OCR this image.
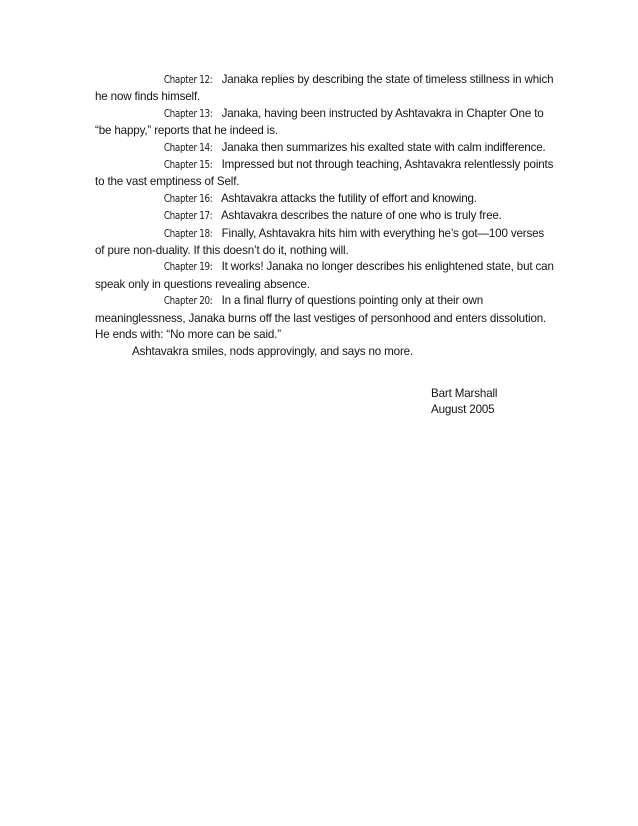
Chapter 12: Janaka replies by describing the state of timeless stillness in which he now finds himself.

Chapter 13: Janaka, having been instructed by Ashtavakra in Chapter One to “be happy,” reports that he indeed is.

Chapter 14: Janaka then summarizes his exalted state with calm indifference.

Chapter 15: Impressed but not through teaching, Ashtavakra relentlessly points to the vast emptiness of Self.

Chapter 16: Ashtavakra attacks the futility of effort and knowing.

Chapter 17: Ashtavakra describes the nature of one who is truly free.

Chapter 18: Finally, Ashtavakra hits him with everything he’s got—100 verses of pure non-duality. If this doesn’t do it, nothing will.

Chapter 19: It works! Janaka no longer describes his enlightened state, but can speak only in questions revealing absence.

Chapter 20: In a final flurry of questions pointing only at their own meaninglessness, Janaka burns off the last vestiges of personhood and enters dissolution. He ends with: “No more can be said.”

Ashtavakra smiles, nods approvingly, and says no more.

Bart Marshall
August 2005
